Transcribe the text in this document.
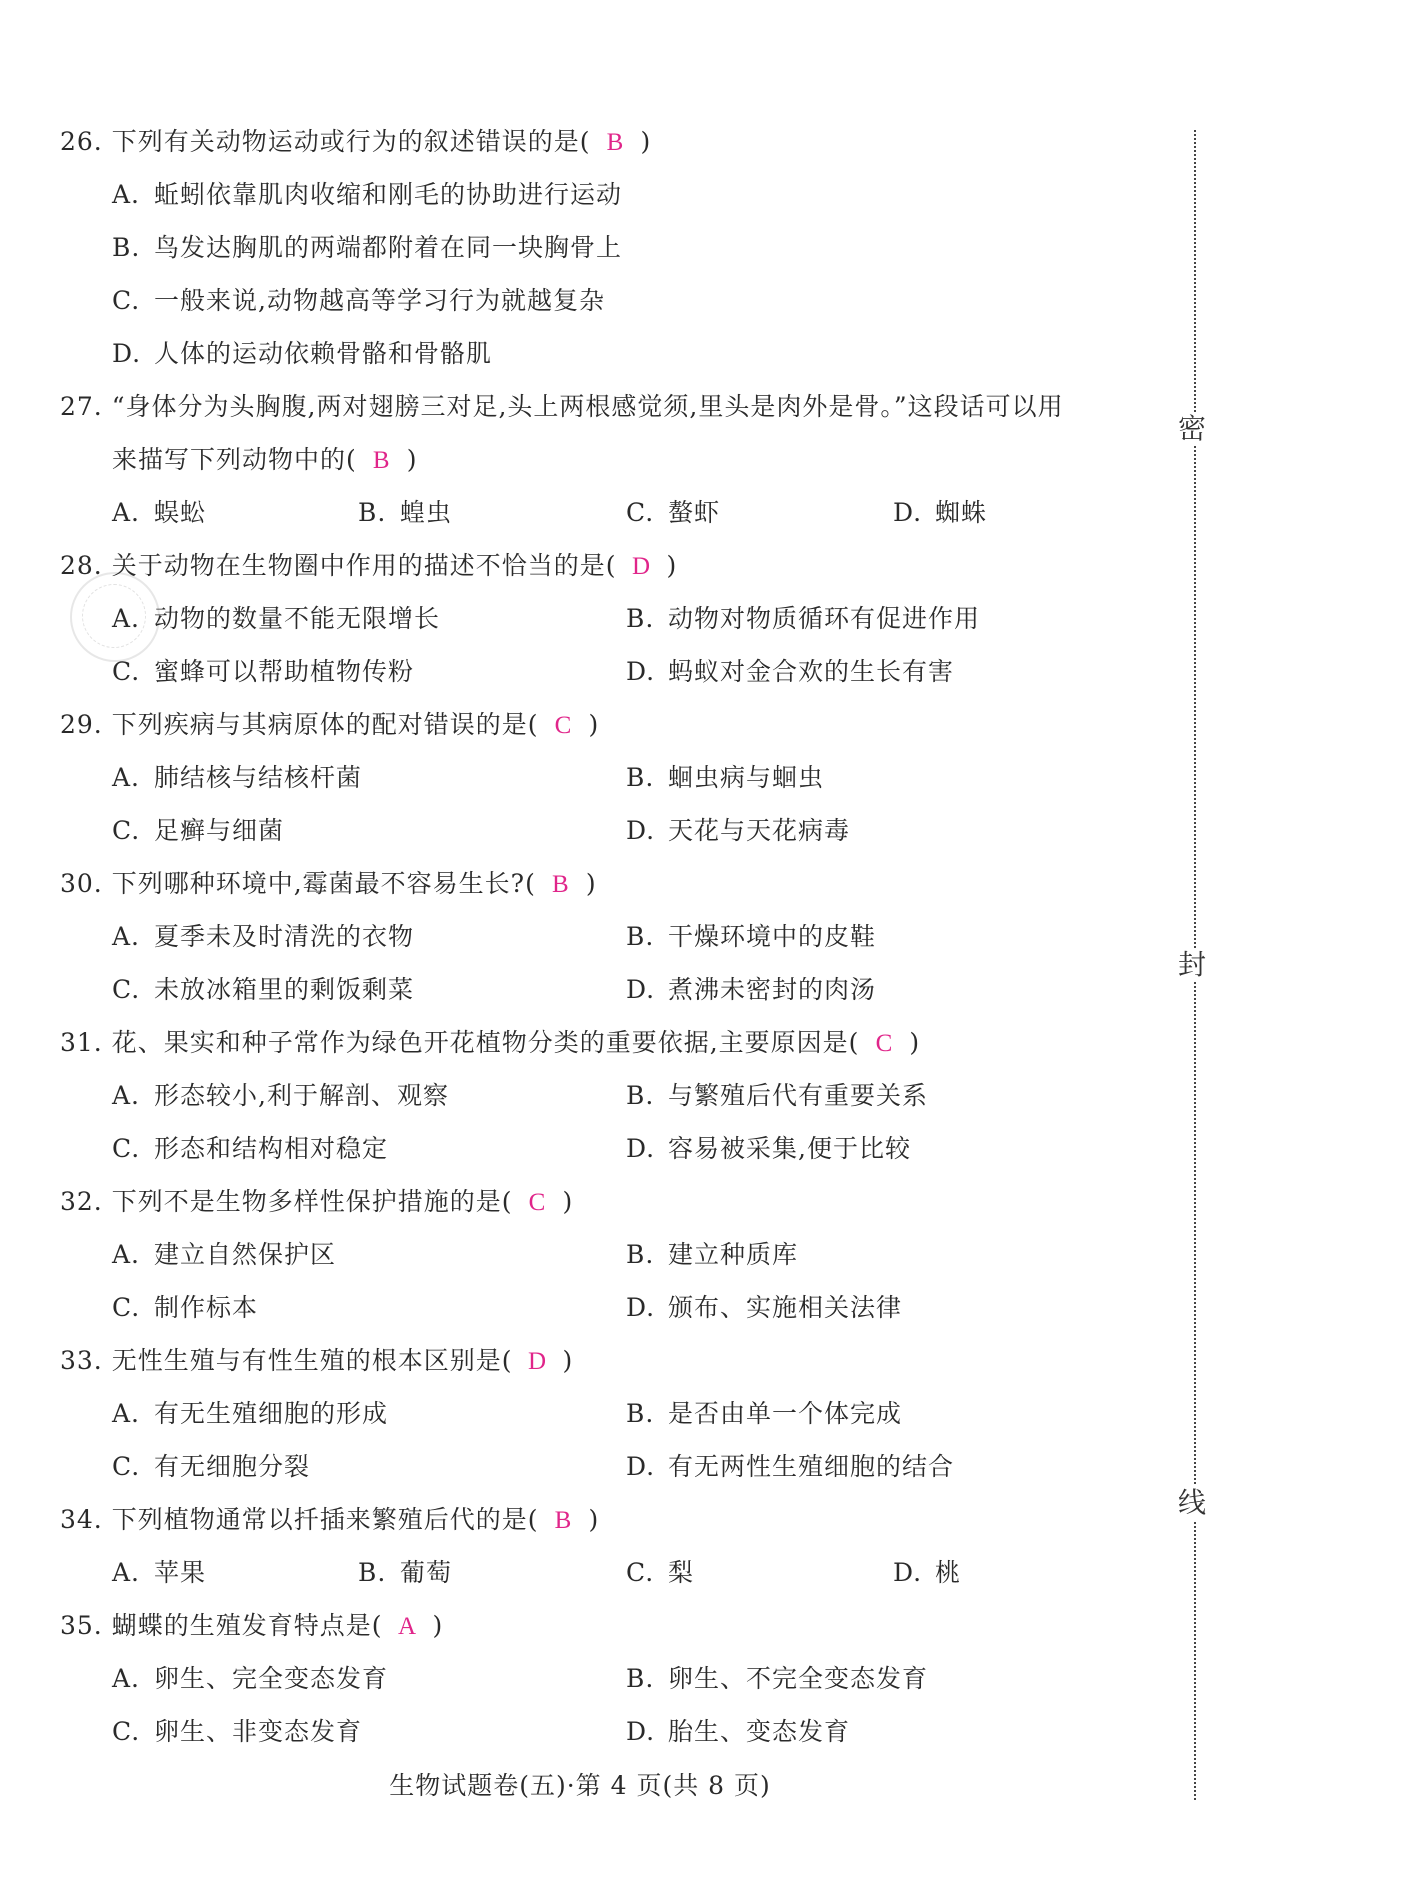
密
封
线
26. 下列有关动物运动或行为的叙述错误的是( B )
A. 蚯蚓依靠肌肉收缩和刚毛的协助进行运动
B. 鸟发达胸肌的两端都附着在同一块胸骨上
C. 一般来说,动物越高等学习行为就越复杂
D. 人体的运动依赖骨骼和骨骼肌
27. “身体分为头胸腹,两对翅膀三对足,头上两根感觉须,里头是肉外是骨。”这段话可以用
来描写下列动物中的( B )
A. 蜈蚣	B. 蝗虫	C. 螯虾	D. 蜘蛛
28. 关于动物在生物圈中作用的描述不恰当的是( D )
A. 动物的数量不能无限增长	B. 动物对物质循环有促进作用
C. 蜜蜂可以帮助植物传粉	D. 蚂蚁对金合欢的生长有害
29. 下列疾病与其病原体的配对错误的是( C )
A. 肺结核与结核杆菌	B. 蛔虫病与蛔虫
C. 足癣与细菌	D. 天花与天花病毒
30. 下列哪种环境中,霉菌最不容易生长?( B )
A. 夏季未及时清洗的衣物	B. 干燥环境中的皮鞋
C. 未放冰箱里的剩饭剩菜	D. 煮沸未密封的肉汤
31. 花、果实和种子常作为绿色开花植物分类的重要依据,主要原因是( C )
A. 形态较小,利于解剖、观察	B. 与繁殖后代有重要关系
C. 形态和结构相对稳定	D. 容易被采集,便于比较
32. 下列不是生物多样性保护措施的是( C )
A. 建立自然保护区	B. 建立种质库
C. 制作标本	D. 颁布、实施相关法律
33. 无性生殖与有性生殖的根本区别是( D )
A. 有无生殖细胞的形成	B. 是否由单一个体完成
C. 有无细胞分裂	D. 有无两性生殖细胞的结合
34. 下列植物通常以扦插来繁殖后代的是( B )
A. 苹果	B. 葡萄	C. 梨	D. 桃
35. 蝴蝶的生殖发育特点是( A )
A. 卵生、完全变态发育	B. 卵生、不完全变态发育
C. 卵生、非变态发育	D. 胎生、变态发育
生物试题卷(五)·第 4 页(共 8 页)
